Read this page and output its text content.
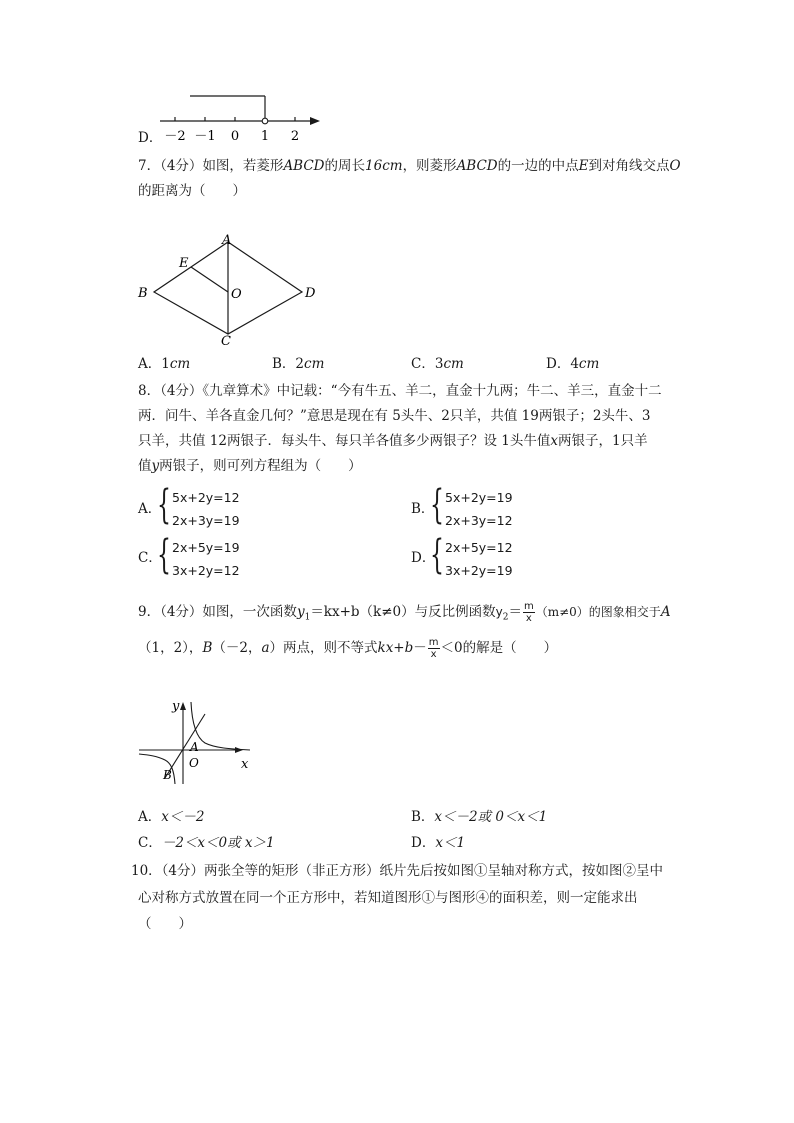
D． －2 －1 0 1 2
7．（4分）如图，若菱形ABCD的周长16cm，则菱形ABCD的一边的中点E到对角线交点O
的距离为（　　）
A
B
C
D
E
O
A．1cm	B．2cm	C．3cm	D．4cm
8．（4分）《九章算术》中记载：“今有牛五、羊二，直金十九两；牛二、羊三，直金十二
两．问牛、羊各直金几何？”意思是现在有 5头牛、2只羊，共值 19两银子；2头牛、3
只羊，共值 12两银子．每头牛、每只羊各值多少两银子？设 1头牛值x两银子，1只羊
值y两银子，则可列方程组为（　　）
A．
{ 5x+2y=12
2x+3y=19
B．
{ 5x+2y=19
2x+3y=12
C．
{ 2x+5y=19
3x+2y=12
D．
{ 2x+5y=12
3x+2y=19
9．（4分）如图，一次函数$y_1=kx+b(k\ne 0)$与反比例函数$y_2= \frac{m}{x} (m\ne 0)$的图象相交于A
（1，2），B（－2，a）两点，则不等式$kx+b- \frac{m}{x} <0$的解是（　　）
y
x
A
O
B
A．x＜－2	B．x＜－2或 0＜x＜1
C．－2＜x＜0或 x＞1	D．x＜1
10．（4分）两张全等的矩形（非正方形）纸片先后按如图①呈轴对称方式，按如图②呈中
心对称方式放置在同一个正方形中，若知道图形①与图形④的面积差，则一定能求出
（　　）
